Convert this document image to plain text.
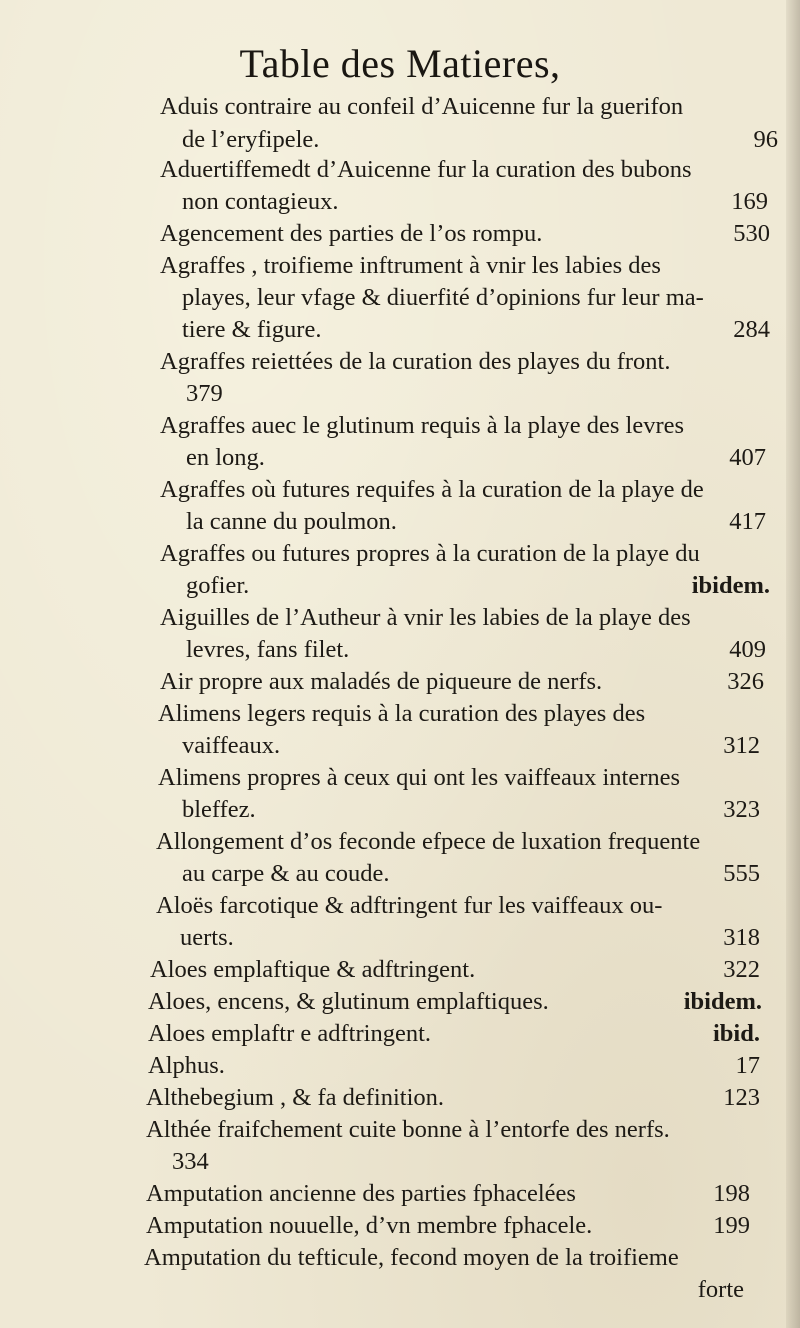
Table des Matieres,
Aduis contraire au confeil d’Auicenne fur la guerifon
de l’eryfipele.	96
Aduertiffemedt d’Auicenne fur la curation des bubons
non contagieux.	169
Agencement des parties de l’os rompu.	530
Agraffes , troifieme inftrument à vnir les labies des
playes, leur vfage & diuerfité d’opinions fur leur ma-
tiere & figure.	284
Agraffes reiettées de la curation des playes du front.
379
Agraffes auec le glutinum requis à la playe des levres
en long.	407
Agraffes où futures requifes à la curation de la playe de
la canne du poulmon.	417
Agraffes ou futures propres à la curation de la playe du
gofier.	ibidem.
Aiguilles de l’Autheur à vnir les labies de la playe des
levres, fans filet.	409
Air propre aux maladés de piqueure de nerfs.	326
Alimens legers requis à la curation des playes des
vaiffeaux.	312
Alimens propres à ceux qui ont les vaiffeaux internes
bleffez.	323
Allongement d’os feconde efpece de luxation frequente
au carpe & au coude.	555
Aloës farcotique & adftringent fur les vaiffeaux ou-
uerts.	318
Aloes emplaftique & adftringent.	322
Aloes, encens, & glutinum emplaftiques.	ibidem.
Aloes emplaftr e adftringent.	ibid.
Alphus.	17
Althebegium , & fa definition.	123
Althée fraifchement cuite bonne à l’entorfe des nerfs.
334
Amputation ancienne des parties fphacelées	198
Amputation nouuelle, d’vn membre fphacele.	199
Amputation du tefticule, fecond moyen de la troifieme
forte
